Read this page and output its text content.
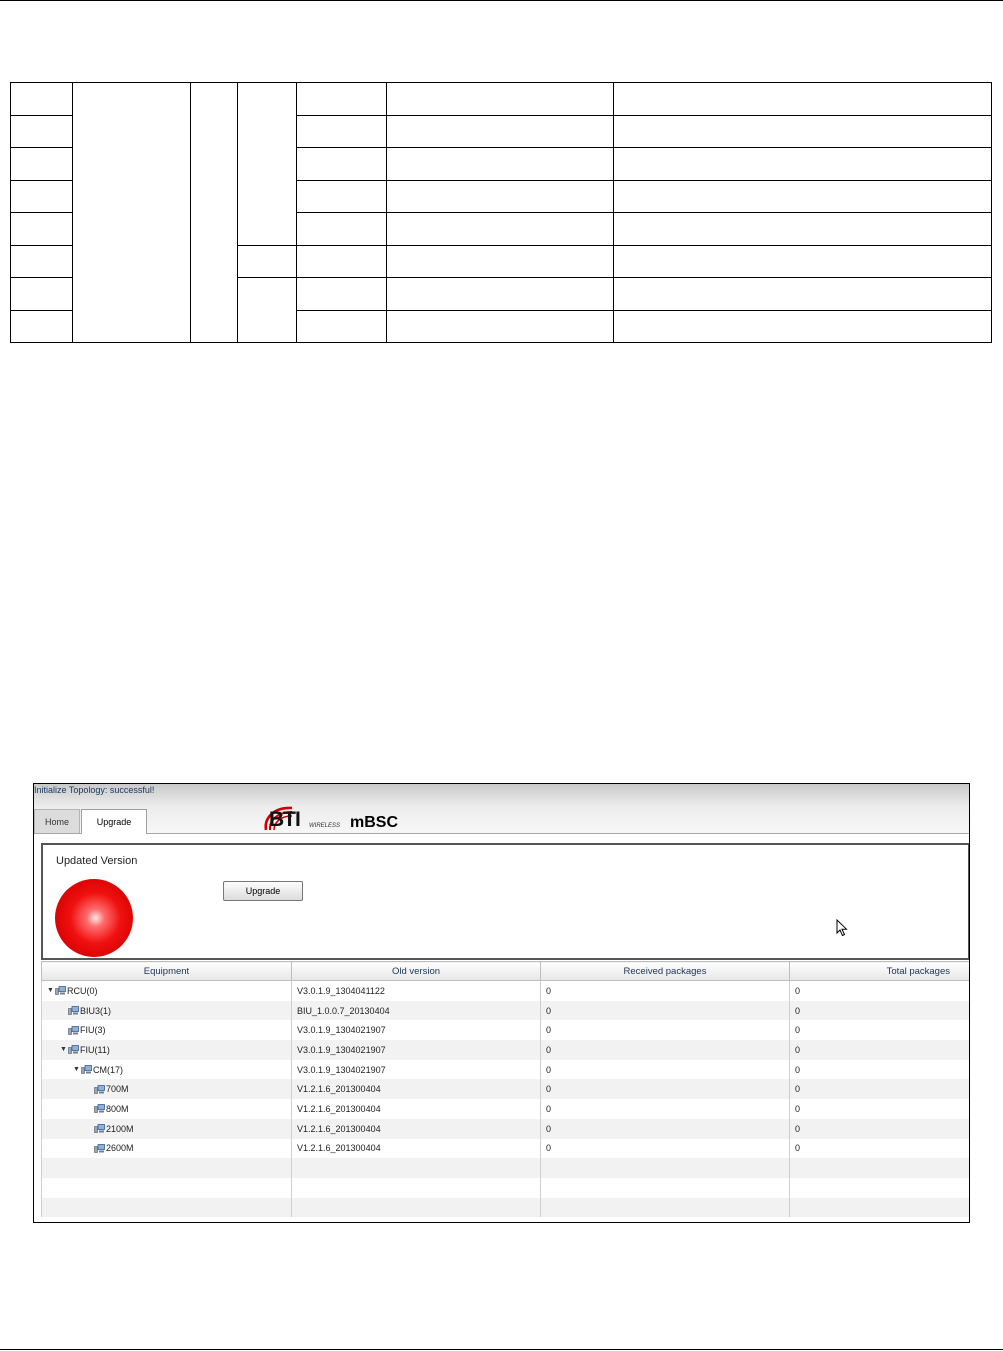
Initialize Topology: successful!
Home	Upgrade	BTI WIRELESS mBSC
Updated Version
Upgrade
Equipment	Old version	Received packages	Total packages

▼ RCU(0)	V3.0.1.9_1304041122	0	0

BIU3(1)	BIU_1.0.0.7_20130404	0	0

FIU(3)	V3.0.1.9_1304021907	0	0

▼ FIU(11)	V3.0.1.9_1304021907	0	0

▼ CM(17)	V3.0.1.9_1304021907	0	0

700M	V1.2.1.6_201300404	0	0

800M	V1.2.1.6_201300404	0	0

2100M	V1.2.1.6_201300404	0	0

2600M	V1.2.1.6_201300404	0	0
